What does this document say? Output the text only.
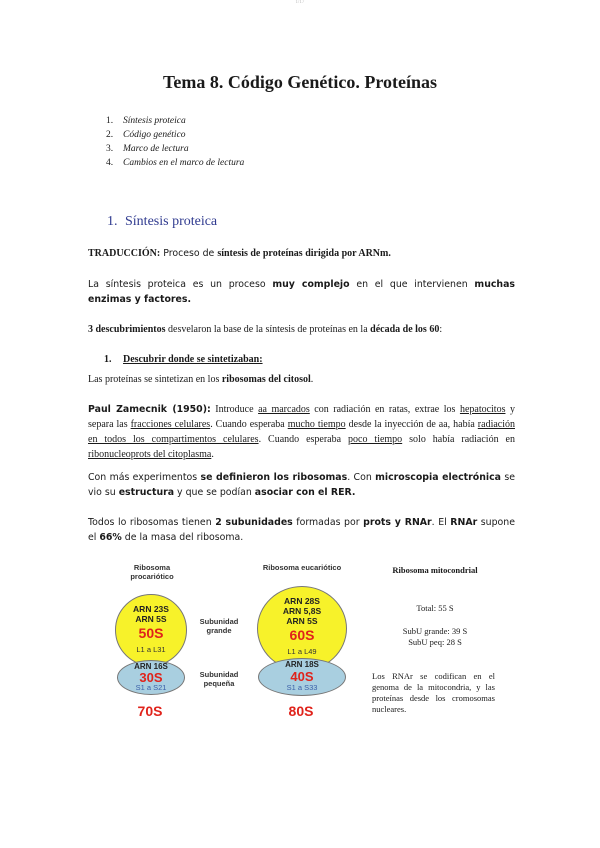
1/17
Tema 8. Código Genético. Proteínas
1.	Síntesis proteica
2.	Código genético
3.	Marco de lectura
4.	Cambios en el marco de lectura
1. Síntesis proteica

TRADUCCIÓN: Proceso de síntesis de proteínas dirigida por ARNm.

La síntesis proteica es un proceso muy complejo en el que intervienen muchas enzimas y factores.

3 descubrimientos desvelaron la base de la síntesis de proteínas en la década de los 60:

1. Descubrir donde se sintetizaban:

Las proteínas se sintetizan en los ribosomas del citosol.

Paul Zamecnik (1950): Introduce aa marcados con radiación en ratas, extrae los hepatocitos y separa las fracciones celulares. Cuando esperaba mucho tiempo desde la inyección de aa, había radiación en todos los compartimentos celulares. Cuando esperaba poco tiempo solo había radiación en ribonucleoprots del citoplasma.

Con más experimentos se definieron los ribosomas. Con microscopia electrónica se vio su estructura y que se podían asociar con el RER.

Todos lo ribosomas tienen 2 subunidades formadas por prots y RNAr. El RNAr supone el 66% de la masa del ribosoma.

Ribosoma procariótico
ARN 23S
ARN 5S
50S
L1 a L31
ARN 16S
30S
S1 a S21
70S
Subunidad grande
Subunidad pequeña
Ribosoma eucariótico
ARN 28S
ARN 5,8S
ARN 5S
60S
L1 a L49
ARN 18S
40S
S1 a S33
80S
Ribosoma mitocondrial
Total: 55 S
SubU grande: 39 S
SubU peq: 28 S
Los RNAr se codifican en el genoma de la mitocondria, y las proteínas desde los cromosomas nucleares.
